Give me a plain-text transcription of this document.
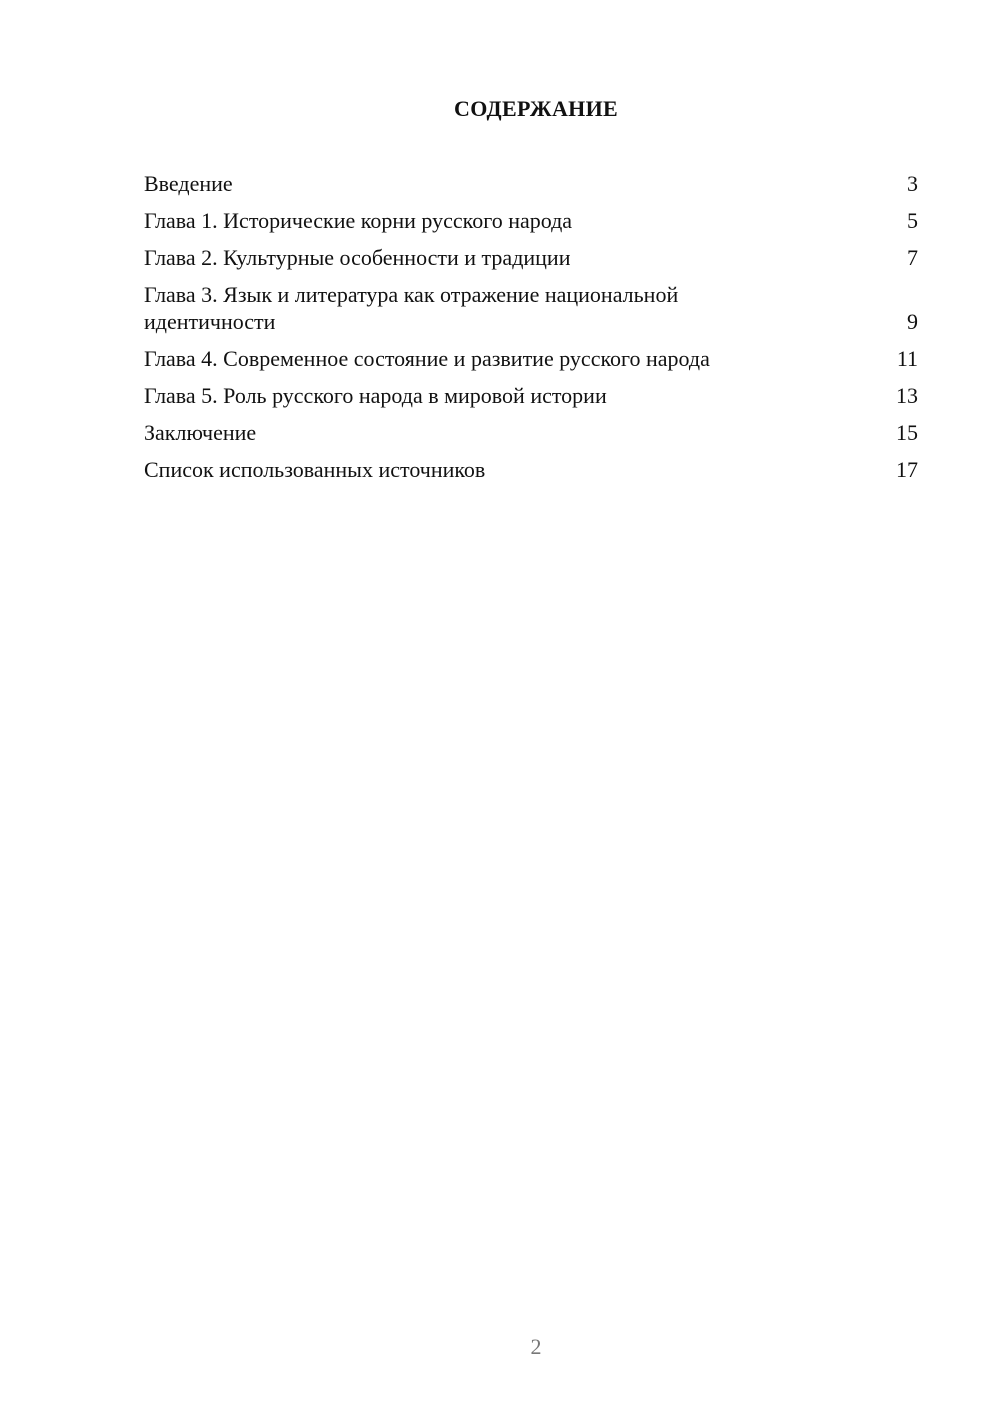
СОДЕРЖАНИЕ
Введение	3
Глава 1. Исторические корни русского народа	5
Глава 2. Культурные особенности и традиции	7
Глава 3. Язык и литература как отражение национальной идентичности	9
Глава 4. Современное состояние и развитие русского народа	11
Глава 5. Роль русского народа в мировой истории	13
Заключение	15
Список использованных источников	17
2
